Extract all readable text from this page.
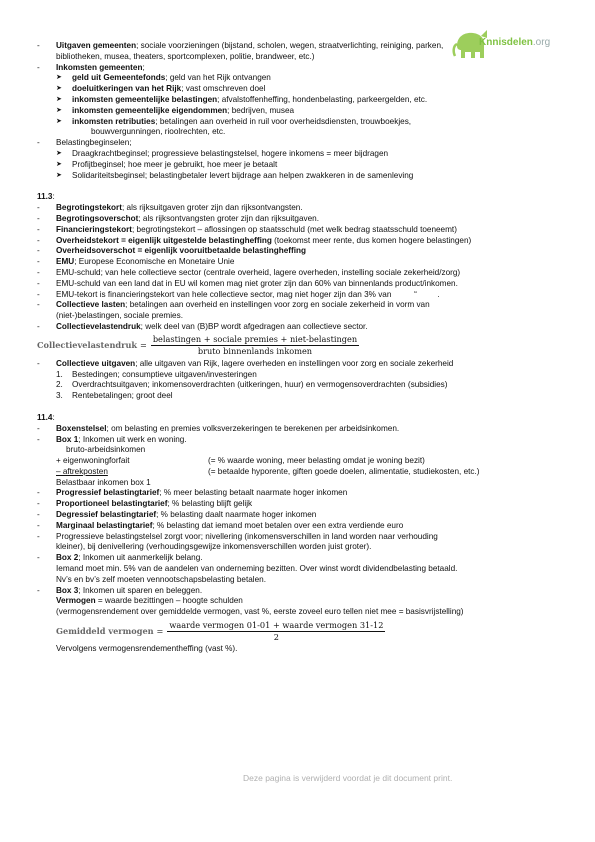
Knnisdelen.org
-	Uitgaven gemeenten; sociale voorzieningen (bijstand, scholen, wegen, straatverlichting, reiniging, parken,
bibliotheken, musea, theaters, sportcomplexen, politie, brandweer, etc.)
-	Inkomsten gemeenten;
➤	geld uit Gemeentefonds; geld van het Rijk ontvangen
➤	doeluitkeringen van het Rijk; vast omschreven doel
➤	inkomsten gemeentelijke belastingen; afvalstoffenheffing, hondenbelasting, parkeergelden, etc.
➤	inkomsten gemeentelijke eigendommen; bedrijven, musea
➤	inkomsten retributies; betalingen aan overheid in ruil voor overheidsdiensten, trouwboekjes,
bouwvergunningen, rioolrechten, etc.
-	Belastingbeginselen;
➤	Draagkrachtbeginsel; progressieve belastingstelsel, hogere inkomens = meer bijdragen
➤	Profijtbeginsel; hoe meer je gebruikt, hoe meer je betaalt
➤	Solidariteitsbeginsel; belastingbetaler levert bijdrage aan helpen zwakkeren in de samenleving
11.3:
-	Begrotingstekort; als rijksuitgaven groter zijn dan rijksontvangsten.
-	Begrotingsoverschot; als rijksontvangsten groter zijn dan rijksuitgaven.
-	Financieringstekort; begrotingstekort – aflossingen op staatsschuld (met welk bedrag staatsschuld toeneemt)
-	Overheidstekort = eigenlijk uitgestelde belastingheffing (toekomst meer rente, dus komen hogere belastingen)
-	Overheidsoverschot = eigenlijk vooruitbetaalde belastingheffing
-	EMU; Europese Economische en Monetaire Unie
-	EMU-schuld; van hele collectieve sector (centrale overheid, lagere overheden, instelling sociale zekerheid/zorg)
-	EMU-schuld van een land dat in EU wil komen mag niet groter zijn dan 60% van binnenlands product/inkomen.
-	EMU-tekort is financieringstekort van hele collectieve sector, mag niet hoger zijn dan 3% van          “         .
-	Collectieve lasten; betalingen aan overheid en instellingen voor zorg en sociale zekerheid in vorm van
(niet-)belastingen, sociale premies.
-	Collectievelastendruk; welk deel van (B)BP wordt afgedragen aan collectieve sector.
Collectievelastendruk = $\frac{\text{belastingen + sociale premies + niet-belastingen}}{\text{bruto binnenlands inkomen}}$
-	Collectieve uitgaven; alle uitgaven van Rijk, lagere overheden en instellingen voor zorg en sociale zekerheid
1.	Bestedingen; consumptieve uitgaven/investeringen
2.	Overdrachtsuitgaven; inkomensoverdrachten (uitkeringen, huur) en vermogensoverdrachten (subsidies)
3.	Rentebetalingen; groot deel
11.4:
-	Boxenstelsel; om belasting en premies volksverzekeringen te berekenen per arbeidsinkomen.
-	Box 1; Inkomen uit werk en woning.
bruto-arbeidsinkomen
+ eigenwoningforfait	(= % waarde woning, meer belasting omdat je woning bezit)
– aftrekposten	(= betaalde hyporente, giften goede doelen, alimentatie, studiekosten, etc.)
Belastbaar inkomen box 1
-	Progressief belastingtarief; % meer belasting betaalt naarmate hoger inkomen
-	Proportioneel belastingtarief; % belasting blijft gelijk
-	Degressief belastingtarief; % belasting daalt naarmate hoger inkomen
-	Marginaal belastingtarief; % belasting dat iemand moet betalen over een extra verdiende euro
-	Progressieve belastingstelsel zorgt voor; nivellering (inkomensverschillen in land worden naar verhouding
kleiner), bij denivellering (verhoudingsgewijze inkomensverschillen worden juist groter).
-	Box 2; Inkomen uit aanmerkelijk belang.
Iemand moet min. 5% van de aandelen van onderneming bezitten. Over winst wordt dividendbelasting betaald.
Nv’s en bv’s zelf moeten vennootschapsbelasting betalen.
-	Box 3; Inkomen uit sparen en beleggen.
Vermogen = waarde bezittingen – hoogte schulden
(vermogensrendement over gemiddelde vermogen, vast %, eerste zoveel euro tellen niet mee = basisvrijstelling)
Gemiddeld vermogen = $\frac{\text{waarde vermogen 01-01 + waarde vermogen 31-12}}{2}$
Vervolgens vermogensrendementheffing (vast %).
Deze pagina is verwijderd voordat je dit document print.
